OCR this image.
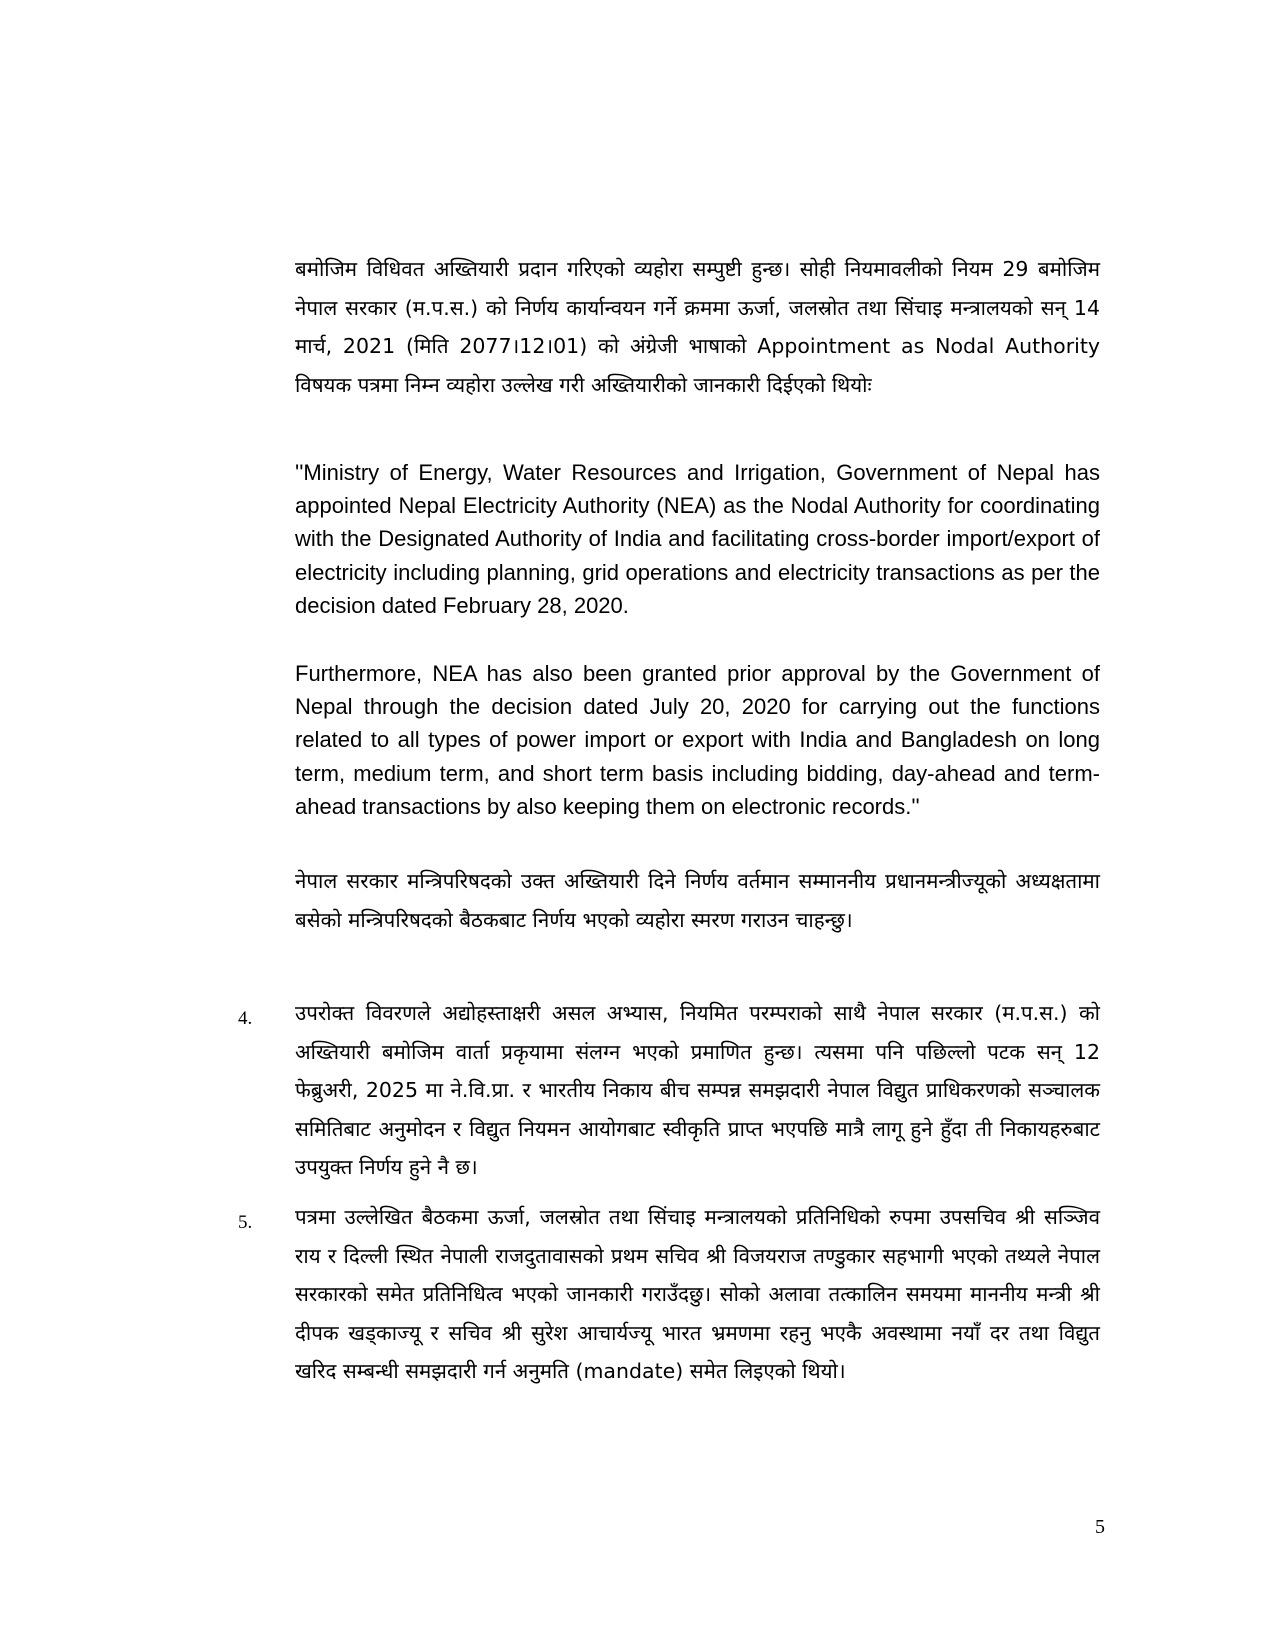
बमोजिम विधिवत अख्तियारी प्रदान गरिएको व्यहोरा सम्पुष्टी हुन्छ। सोही नियमावलीको नियम 29 बमोजिम नेपाल सरकार (म.प.स.) को निर्णय कार्यान्वयन गर्ने क्रममा ऊर्जा, जलस्रोत तथा सिंचाइ मन्त्रालयको सन् 14 मार्च, 2021 (मिति 2077।12।01) को अंग्रेजी भाषाको Appointment as Nodal Authority विषयक पत्रमा निम्न व्यहोरा उल्लेख गरी अख्तियारीको जानकारी दिईएको थियोः

''Ministry of Energy, Water Resources and Irrigation, Government of Nepal has appointed Nepal Electricity Authority (NEA) as the Nodal Authority for coordinating with the Designated Authority of India and facilitating cross-border import/export of electricity including planning, grid operations and electricity transactions as per the decision dated February 28, 2020.

Furthermore, NEA has also been granted prior approval by the Government of Nepal through the decision dated July 20, 2020 for carrying out the functions related to all types of power import or export with India and Bangladesh on long term, medium term, and short term basis including bidding, day-ahead and term-ahead transactions by also keeping them on electronic records.''

नेपाल सरकार मन्त्रिपरिषदको उक्त अख्तियारी दिने निर्णय वर्तमान सम्माननीय प्रधानमन्त्रीज्यूको अध्यक्षतामा बसेको मन्त्रिपरिषदको बैठकबाट निर्णय भएको व्यहोरा स्मरण गराउन चाहन्छु।

4. उपरोक्त विवरणले अद्योहस्ताक्षरी असल अभ्यास, नियमित परम्पराको साथै नेपाल सरकार (म.प.स.) को अख्तियारी बमोजिम वार्ता प्रकृयामा संलग्न भएको प्रमाणित हुन्छ। त्यसमा पनि पछिल्लो पटक सन् 12 फेब्रुअरी, 2025 मा ने.वि.प्रा. र भारतीय निकाय बीच सम्पन्न समझदारी नेपाल विद्युत प्राधिकरणको सञ्चालक समितिबाट अनुमोदन र विद्युत नियमन आयोगबाट स्वीकृति प्राप्त भएपछि मात्रै लागू हुने हुँदा ती निकायहरुबाट उपयुक्त निर्णय हुने नै छ।

5. पत्रमा उल्लेखित बैठकमा ऊर्जा, जलस्रोत तथा सिंचाइ मन्त्रालयको प्रतिनिधिको रुपमा उपसचिव श्री सञ्जिव राय र दिल्ली स्थित नेपाली राजदुतावासको प्रथम सचिव श्री विजयराज तण्डुकार सहभागी भएको तथ्यले नेपाल सरकारको समेत प्रतिनिधित्व भएको जानकारी गराउँदछु। सोको अलावा तत्कालिन समयमा माननीय मन्त्री श्री दीपक खड्काज्यू र सचिव श्री सुरेश आचार्यज्यू भारत भ्रमणमा रहनु भएकै अवस्थामा नयाँ दर तथा विद्युत खरिद सम्बन्धी समझदारी गर्न अनुमति (mandate) समेत लिइएको थियो।

5
